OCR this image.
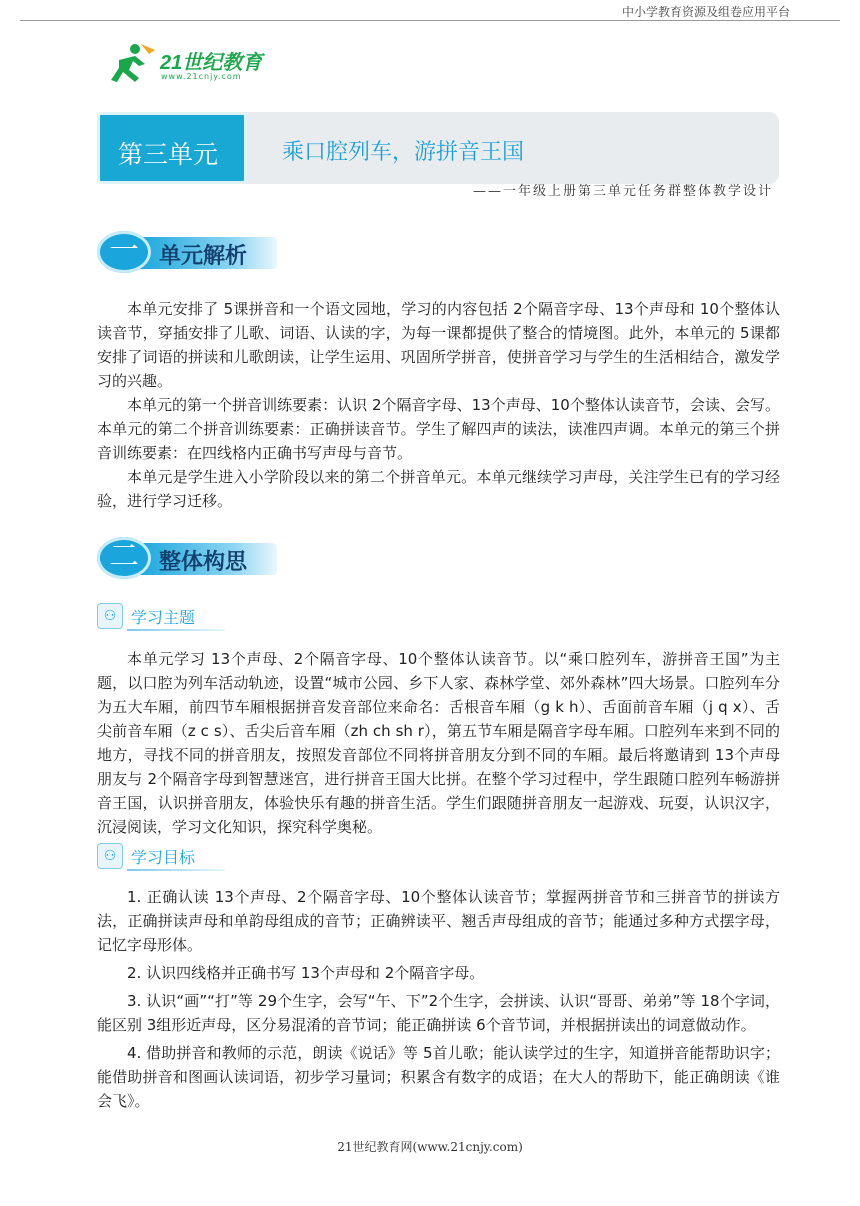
中小学教育资源及组卷应用平台
21世纪教育
www.21cnjy.com
第三单元	乘口腔列车，游拼音王国
——一年级上册第三单元任务群整体教学设计
单元解析
一

本单元安排了 5课拼音和一个语文园地，学习的内容包括 2个隔音字母、13个声母和 10个整体认读音节，穿插安排了儿歌、词语、认读的字，为每一课都提供了整合的情境图。此外，本单元的 5课都安排了词语的拼读和儿歌朗读，让学生运用、巩固所学拼音，使拼音学习与学生的生活相结合，激发学习的兴趣。

本单元的第一个拼音训练要素：认识 2个隔音字母、13个声母、10个整体认读音节，会读、会写。本单元的第二个拼音训练要素：正确拼读音节。学生了解四声的读法，读准四声调。本单元的第三个拼音训练要素：在四线格内正确书写声母与音节。

本单元是学生进入小学阶段以来的第二个拼音单元。本单元继续学习声母，关注学生已有的学习经验，进行学习迁移。

整体构思
二
⚇ 学习主题

本单元学习 13个声母、2个隔音字母、10个整体认读音节。以“乘口腔列车，游拼音王国”为主题，以口腔为列车活动轨迹，设置“城市公园、乡下人家、森林学堂、郊外森林”四大场景。口腔列车分为五大车厢，前四节车厢根据拼音发音部位来命名：舌根音车厢（g k h）、舌面前音车厢（j q x）、舌尖前音车厢（z c s）、舌尖后音车厢（zh ch sh r），第五节车厢是隔音字母车厢。口腔列车来到不同的地方，寻找不同的拼音朋友，按照发音部位不同将拼音朋友分到不同的车厢。最后将邀请到 13个声母朋友与 2个隔音字母到智慧迷宫，进行拼音王国大比拼。在整个学习过程中，学生跟随口腔列车畅游拼音王国，认识拼音朋友，体验快乐有趣的拼音生活。学生们跟随拼音朋友一起游戏、玩耍，认识汉字，沉浸阅读，学习文化知识，探究科学奥秘。

⚇ 学习目标

1. 正确认读 13个声母、2个隔音字母、10个整体认读音节；掌握两拼音节和三拼音节的拼读方法，正确拼读声母和单韵母组成的音节；正确辨读平、翘舌声母组成的音节；能通过多种方式摆字母，记忆字母形体。

2. 认识四线格并正确书写 13个声母和 2个隔音字母。

3. 认识“画”“打”等 29个生字，会写“午、下”2个生字，会拼读、认识“哥哥、弟弟”等 18个字词，能区别 3组形近声母，区分易混淆的音节词；能正确拼读 6个音节词，并根据拼读出的词意做动作。

4. 借助拼音和教师的示范，朗读《说话》等 5首儿歌；能认读学过的生字，知道拼音能帮助识字；能借助拼音和图画认读词语，初步学习量词；积累含有数字的成语；在大人的帮助下，能正确朗读《谁会飞》。

21世纪教育网(www.21cnjy.com)
